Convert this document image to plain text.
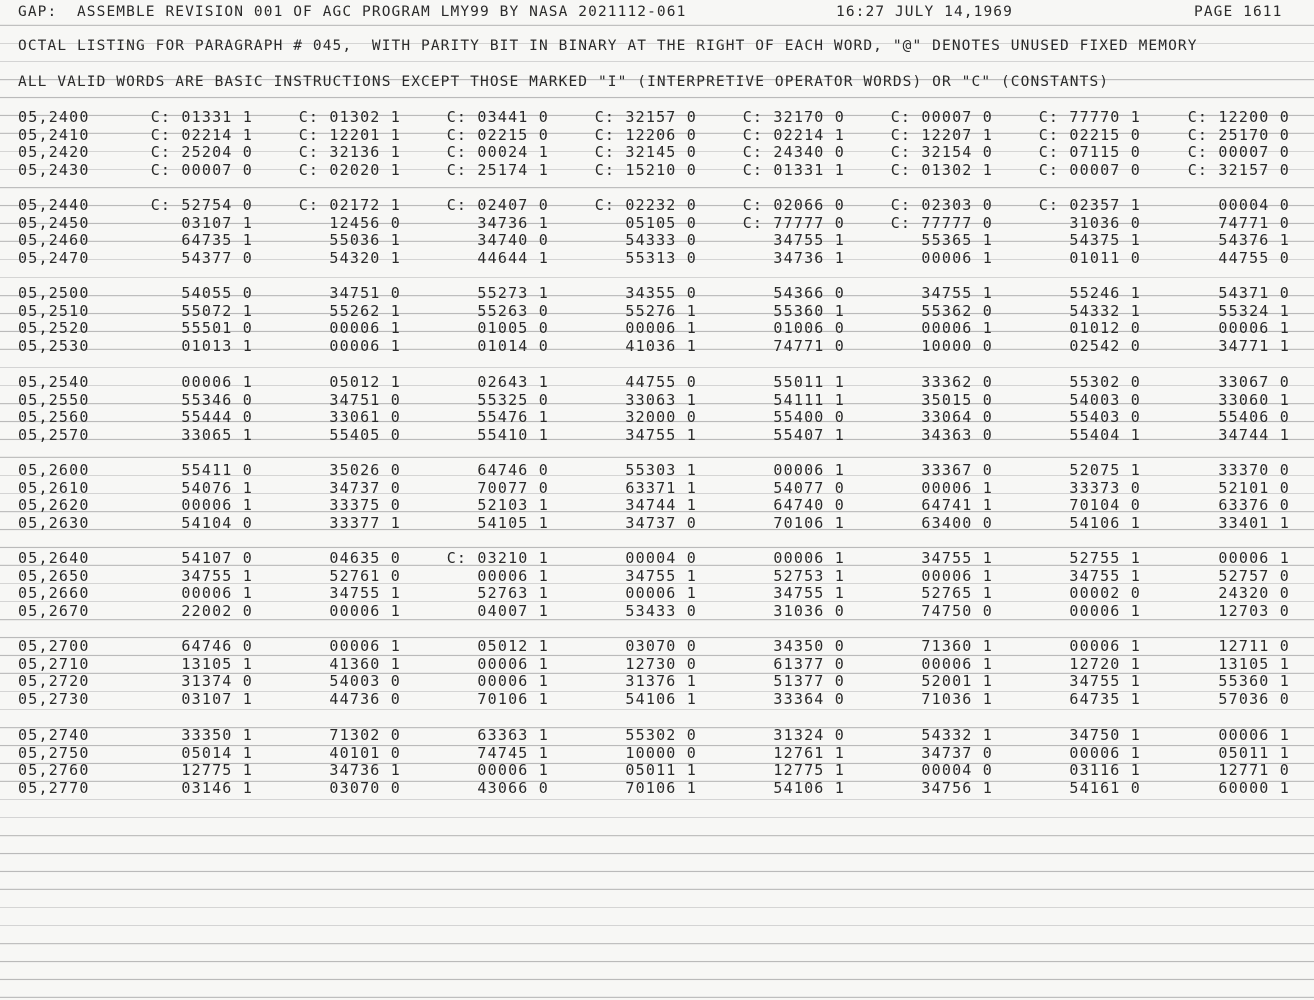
GAP:  ASSEMBLE REVISION 001 OF AGC PROGRAM LMY99 BY NASA 2021112-061

	16:27 JULY 14,1969

	PAGE 1611

OCTAL LISTING FOR PARAGRAPH # 045,  WITH PARITY BIT IN BINARY AT THE RIGHT OF EACH WORD, "@" DENOTES UNUSED FIXED MEMORY
ALL VALID WORDS ARE BASIC INSTRUCTIONS EXCEPT THOSE MARKED "I" (INTERPRETIVE OPERATOR WORDS) OR "C" (CONSTANTS)
05,2400	C: 01331 1	C: 01302 1	C: 03441 0	C: 32157 0	C: 32170 0	C: 00007 0	C: 77770 1	C: 12200 0
05,2410	C: 02214 1	C: 12201 1	C: 02215 0	C: 12206 0	C: 02214 1	C: 12207 1	C: 02215 0	C: 25170 0
05,2420	C: 25204 0	C: 32136 1	C: 00024 1	C: 32145 0	C: 24340 0	C: 32154 0	C: 07115 0	C: 00007 0
05,2430	C: 00007 0	C: 02020 1	C: 25174 1	C: 15210 0	C: 01331 1	C: 01302 1	C: 00007 0	C: 32157 0
05,2440	C: 52754 0	C: 02172 1	C: 02407 0	C: 02232 0	C: 02066 0	C: 02303 0	C: 02357 1	00004 0
05,2450	03107 1	12456 0	34736 1	05105 0	C: 77777 0	C: 77777 0	31036 0	74771 0
05,2460	64735 1	55036 1	34740 0	54333 0	34755 1	55365 1	54375 1	54376 1
05,2470	54377 0	54320 1	44644 1	55313 0	34736 1	00006 1	01011 0	44755 0
05,2500	54055 0	34751 0	55273 1	34355 0	54366 0	34755 1	55246 1	54371 0
05,2510	55072 1	55262 1	55263 0	55276 1	55360 1	55362 0	54332 1	55324 1
05,2520	55501 0	00006 1	01005 0	00006 1	01006 0	00006 1	01012 0	00006 1
05,2530	01013 1	00006 1	01014 0	41036 1	74771 0	10000 0	02542 0	34771 1
05,2540	00006 1	05012 1	02643 1	44755 0	55011 1	33362 0	55302 0	33067 0
05,2550	55346 0	34751 0	55325 0	33063 1	54111 1	35015 0	54003 0	33060 1
05,2560	55444 0	33061 0	55476 1	32000 0	55400 0	33064 0	55403 0	55406 0
05,2570	33065 1	55405 0	55410 1	34755 1	55407 1	34363 0	55404 1	34744 1
05,2600	55411 0	35026 0	64746 0	55303 1	00006 1	33367 0	52075 1	33370 0
05,2610	54076 1	34737 0	70077 0	63371 1	54077 0	00006 1	33373 0	52101 0
05,2620	00006 1	33375 0	52103 1	34744 1	64740 0	64741 1	70104 0	63376 0
05,2630	54104 0	33377 1	54105 1	34737 0	70106 1	63400 0	54106 1	33401 1
05,2640	54107 0	04635 0	C: 03210 1	00004 0	00006 1	34755 1	52755 1	00006 1
05,2650	34755 1	52761 0	00006 1	34755 1	52753 1	00006 1	34755 1	52757 0
05,2660	00006 1	34755 1	52763 1	00006 1	34755 1	52765 1	00002 0	24320 0
05,2670	22002 0	00006 1	04007 1	53433 0	31036 0	74750 0	00006 1	12703 0
05,2700	64746 0	00006 1	05012 1	03070 0	34350 0	71360 1	00006 1	12711 0
05,2710	13105 1	41360 1	00006 1	12730 0	61377 0	00006 1	12720 1	13105 1
05,2720	31374 0	54003 0	00006 1	31376 1	51377 0	52001 1	34755 1	55360 1
05,2730	03107 1	44736 0	70106 1	54106 1	33364 0	71036 1	64735 1	57036 0
05,2740	33350 1	71302 0	63363 1	55302 0	31324 0	54332 1	34750 1	00006 1
05,2750	05014 1	40101 0	74745 1	10000 0	12761 1	34737 0	00006 1	05011 1
05,2760	12775 1	34736 1	00006 1	05011 1	12775 1	00004 0	03116 1	12771 0
05,2770	03146 1	03070 0	43066 0	70106 1	54106 1	34756 1	54161 0	60000 1
